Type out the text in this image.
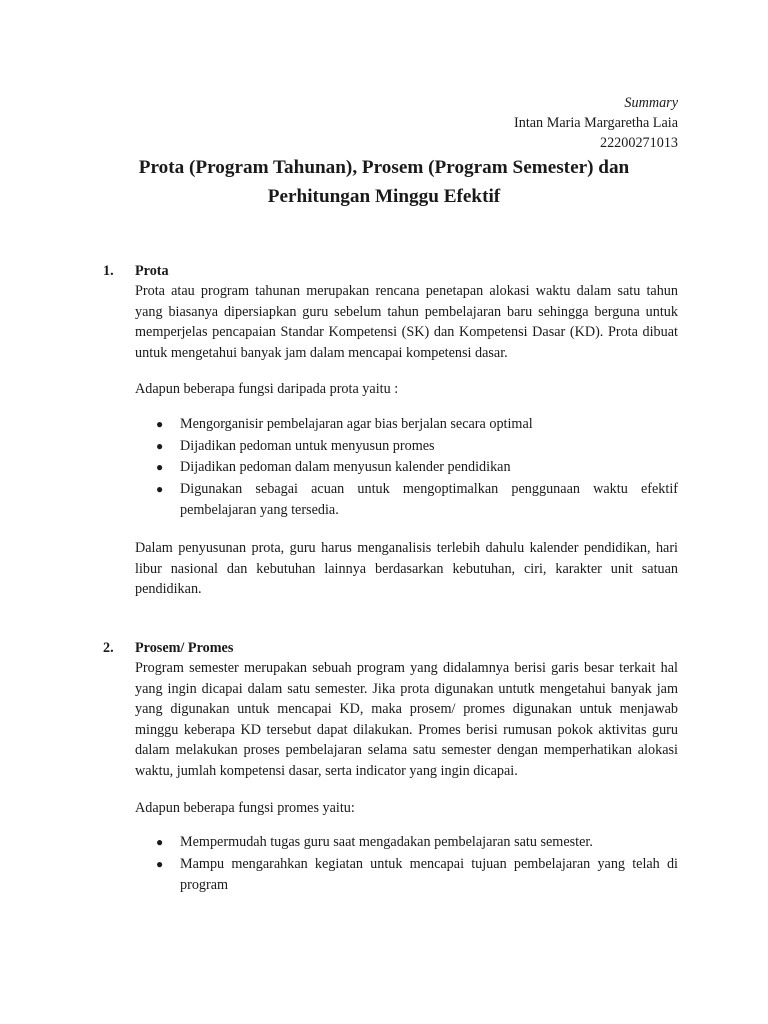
Summary
Intan Maria Margaretha Laia
22200271013
Prota (Program Tahunan), Prosem (Program Semester) dan
Perhitungan Minggu Efektif
1. Prota

Prota atau program tahunan merupakan rencana penetapan alokasi waktu dalam satu tahun yang biasanya dipersiapkan guru sebelum tahun pembelajaran baru sehingga berguna untuk memperjelas pencapaian Standar Kompetensi (SK) dan Kompetensi Dasar (KD). Prota dibuat untuk mengetahui banyak jam dalam mencapai kompetensi dasar.

Adapun beberapa fungsi daripada prota yaitu :

● Mengorganisir pembelajaran agar bias berjalan secara optimal
● Dijadikan pedoman untuk menyusun promes
● Dijadikan pedoman dalam menyusun kalender pendidikan
● Digunakan sebagai acuan untuk mengoptimalkan penggunaan waktu efektif pembelajaran yang tersedia.

Dalam penyusunan prota, guru harus menganalisis terlebih dahulu kalender pendidikan, hari libur nasional dan kebutuhan lainnya berdasarkan kebutuhan, ciri, karakter unit satuan pendidikan.

2. Prosem/ Promes

Program semester merupakan sebuah program yang didalamnya berisi garis besar terkait hal yang ingin dicapai dalam satu semester. Jika prota digunakan untutk mengetahui banyak jam yang digunakan untuk mencapai KD, maka prosem/ promes digunakan untuk menjawab minggu keberapa KD tersebut dapat dilakukan. Promes berisi rumusan pokok aktivitas guru dalam melakukan proses pembelajaran selama satu semester dengan memperhatikan alokasi waktu, jumlah kompetensi dasar, serta indicator yang ingin dicapai.

Adapun beberapa fungsi promes yaitu:

● Mempermudah tugas guru saat mengadakan pembelajaran satu semester.
● Mampu mengarahkan kegiatan untuk mencapai tujuan pembelajaran yang telah di program
